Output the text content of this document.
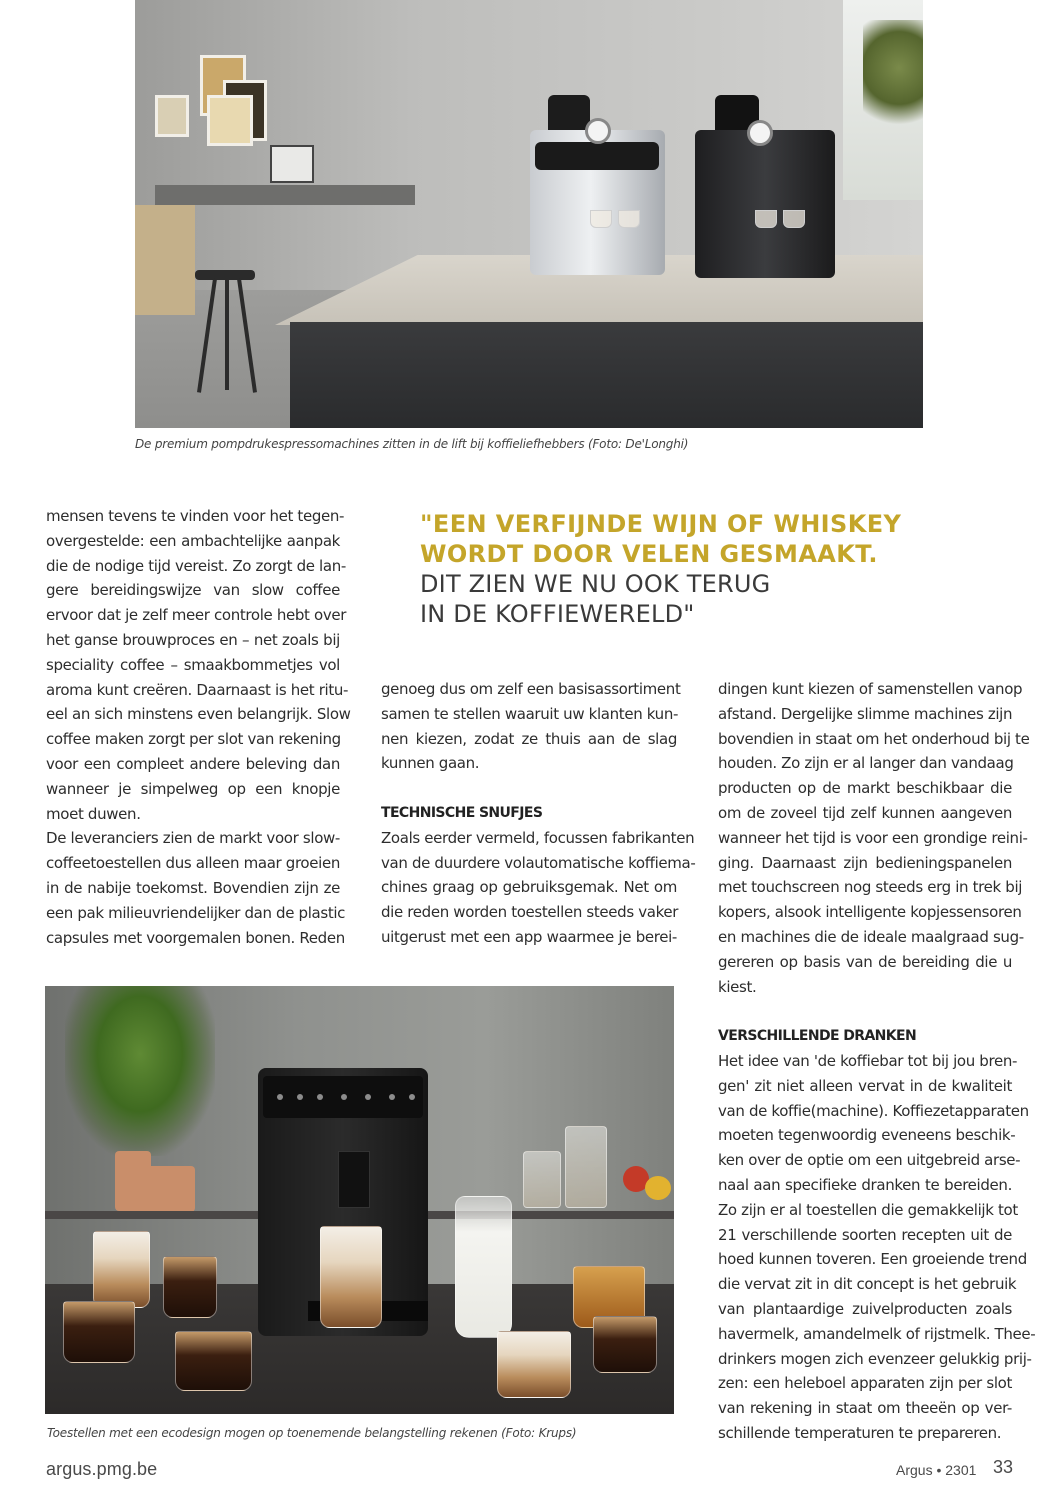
De premium pompdrukespressomachines zitten in de lift bij koffieliefhebbers (Foto: De'Longhi)
mensen tevens te vinden voor het tegen-
overgestelde: een ambachtelijke aanpak
die de nodige tijd vereist. Zo zorgt de lan-
gere bereidingswijze van slow coffee
ervoor dat je zelf meer controle hebt over
het ganse brouwproces en – net zoals bij
speciality coffee – smaakbommetjes vol
aroma kunt creëren. Daarnaast is het ritu-
eel an sich minstens even belangrijk. Slow
coffee maken zorgt per slot van rekening
voor een compleet andere beleving dan
wanneer je simpelweg op een knopje
moet duwen.
De leveranciers zien de markt voor slow-
coffeetoestellen dus alleen maar groeien
in de nabije toekomst. Bovendien zijn ze
een pak milieuvriendelijker dan de plastic
capsules met voorgemalen bonen. Reden
"EEN VERFIJNDE WIJN OF WHISKEY
WORDT DOOR VELEN GESMAAKT.
DIT ZIEN WE NU OOK TERUG
IN DE KOFFIEWERELD"
genoeg dus om zelf een basisassortiment
samen te stellen waaruit uw klanten kun-
nen kiezen, zodat ze thuis aan de slag
kunnen gaan.
TECHNISCHE SNUFJES
Zoals eerder vermeld, focussen fabrikanten
van de duurdere volautomatische koffiema-
chines graag op gebruiksgemak. Net om
die reden worden toestellen steeds vaker
uitgerust met een app waarmee je berei-
dingen kunt kiezen of samenstellen vanop
afstand. Dergelijke slimme machines zijn
bovendien in staat om het onderhoud bij te
houden. Zo zijn er al langer dan vandaag
producten op de markt beschikbaar die
om de zoveel tijd zelf kunnen aangeven
wanneer het tijd is voor een grondige reini-
ging. Daarnaast zijn bedieningspanelen
met touchscreen nog steeds erg in trek bij
kopers, alsook intelligente kopjessensoren
en machines die de ideale maalgraad sug-
gereren op basis van de bereiding die u
kiest.
VERSCHILLENDE DRANKEN
Het idee van 'de koffiebar tot bij jou bren-
gen' zit niet alleen vervat in de kwaliteit
van de koffie(machine). Koffiezetapparaten
moeten tegenwoordig eveneens beschik-
ken over de optie om een uitgebreid arse-
naal aan specifieke dranken te bereiden.
Zo zijn er al toestellen die gemakkelijk tot
21 verschillende soorten recepten uit de
hoed kunnen toveren. Een groeiende trend
die vervat zit in dit concept is het gebruik
van plantaardige zuivelproducten zoals
havermelk, amandelmelk of rijstmelk. Thee-
drinkers mogen zich evenzeer gelukkig prij-
zen: een heleboel apparaten zijn per slot
van rekening in staat om theeën op ver-
schillende temperaturen te prepareren.
Toestellen met een ecodesign mogen op toenemende belangstelling rekenen (Foto: Krups)
argus.pmg.be	Argus • 2301 33
